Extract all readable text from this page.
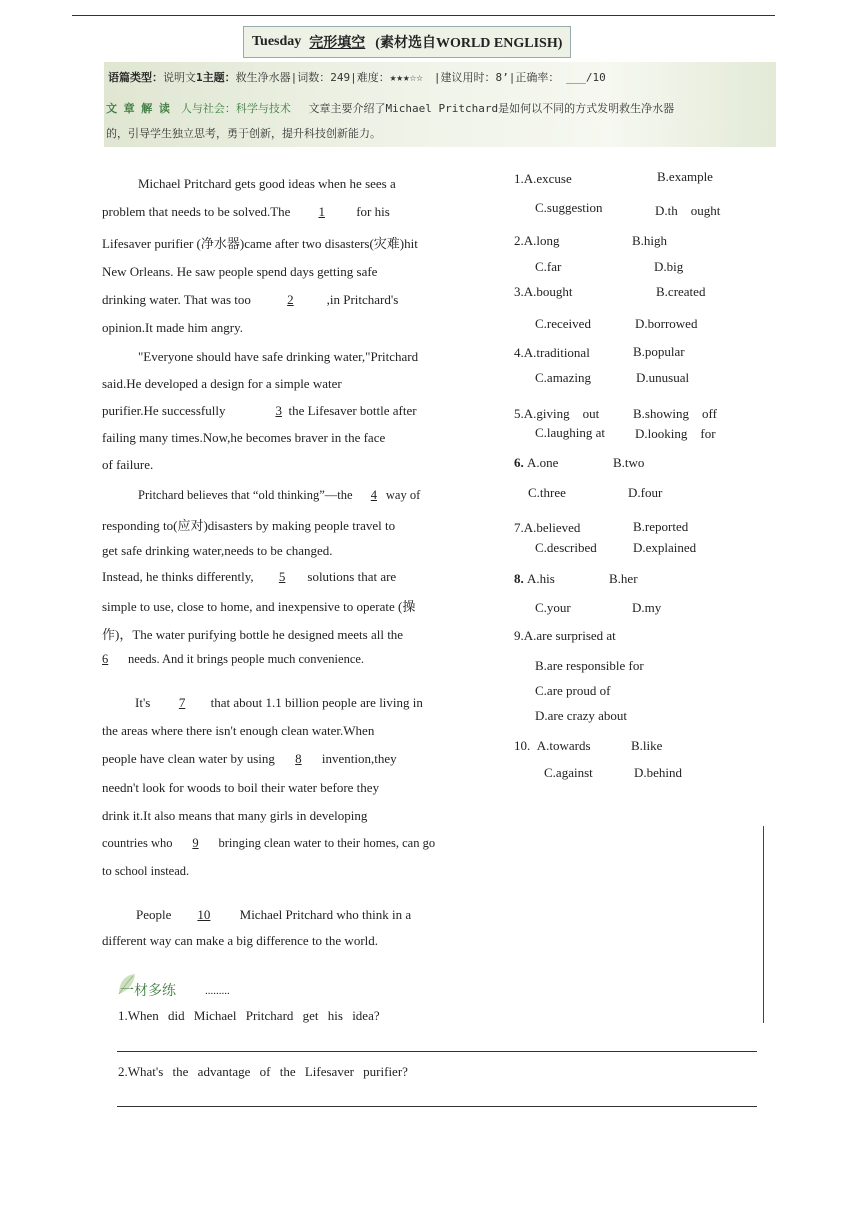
Tuesday 完形填空 (素材选自WORLD ENGLISH)
语篇类型：说明文1主题：救生净水器|词数：249|难度：★★★☆☆　|建议用时：8’|正确率： ___/10
文 章 解 读　 人与社会：科学与技术　 文章主要介绍了Michael Pritchard是如何以不同的方式发明救生净水器
的，引导学生独立思考，勇于创新，提升科技创新能力。
Michael Pritchard gets good ideas when he sees a
problem that needs to be solved.The 1 for his
Lifesaver purifier (净水器)came after two disasters(灾难)hit
New Orleans. He saw people spend days getting safe
drinking water. That was too	2	,in Pritchard's
opinion.It made him angry.
"Everyone should have safe drinking water,"Pritchard
said.He developed a design for a simple water
purifier.He successfully	3 the Lifesaver bottle after
failing many times.Now,he becomes braver in the face
of failure.
Pritchard believes that “old thinking”—the 4 way of
responding to(应对)disasters by making people travel to
get safe drinking water,needs to be changed.
Instead, he thinks differently, 5 solutions that are
simple to use, close to home, and inexpensive to operate (操
作)，The water purifying bottle he designed meets all the
6 needs. And it brings people much convenience.
It's 7 that about 1.1 billion people are living in
the areas where there isn't enough clean water.When
people have clean water by using 8 invention,they
needn't look for woods to boil their water before they
drink it.It also means that many girls in developing
countries who 9 bringing clean water to their homes, can go
to school instead.
People 10 Michael Pritchard who think in a
different way can make a big difference to the world.
1.A.excuse	B.example
C.suggestion	D.th　ought
2.A.long	B.high
C.far	D.big
3.A.bought	B.created
C.received	D.borrowed
4.A.traditional	B.popular
C.amazing	D.unusual
5.A.giving　out	B.showing　off
C.laughing at D.looking　for
6. A.one	B.two
C.three	D.four
7.A.believed	B.reported
C.described	D.explained
8. A.his	B.her
C.your	D.my
9.A.are surprised at
B.are responsible for
C.are proud of
D.are crazy about
10. A.towards	B.like
C.against	D.behind
一材多练	.........
1.When did Michael Pritchard get his idea?
2.What's the advantage of the Lifesaver purifier?
